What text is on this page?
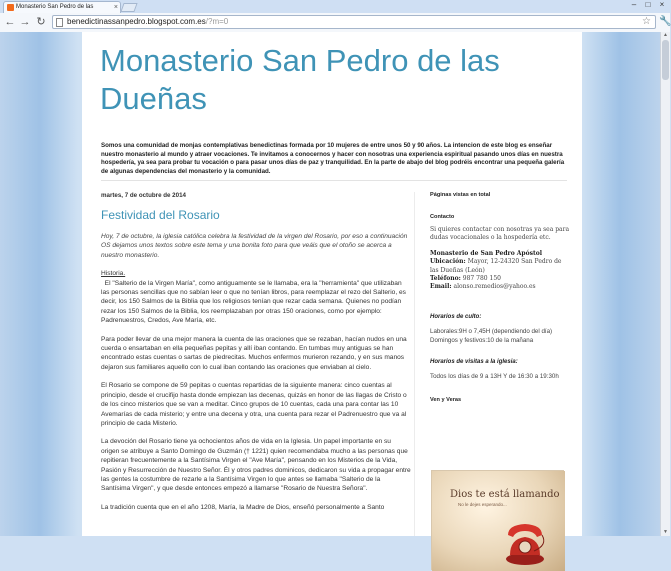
Monasterio San Pedro de las	×	–	□	×
← → ↻	benedictinassanpedro.blogspot.com.es/?m=0	☆ 🔧
Monasterio San Pedro de las Dueñas
Somos una comunidad de monjas contemplativas benedictinas formada por 10 mujeres de entre unos 50 y 90 años. La intencion de este blog es enseñar nuestro monasterio al mundo y atraer vocaciones. Te invitamos a conocernos y hacer con nosotras una experiencia espiritual pasando unos días en nuestra hospedería, ya sea para probar tu vocación o para pasar unos días de paz y tranquilidad. En la parte de abajo del blog podréis encontrar una pequeña galería de algunas dependencias del monasterio y la comunidad.
martes, 7 de octubre de 2014
Festividad del Rosario
Hoy, 7 de octubre, la iglesia católica celebra la festividad de la virgen del Rosario, por eso a continuación OS dejamos unos textos sobre este tema y una bonita foto para que veáis que el otoño se acerca a nuestro monasterio.
Historia.
El "Salterio de la Virgen María", como antiguamente se le llamaba, era la "herramienta" que utilizaban las personas sencillas que no sabían leer o que no tenían libros, para reemplazar el rezo del Salterio, es decir, los 150 Salmos de la Biblia que los religiosos tenían que rezar cada semana. Quienes no podían rezar los 150 Salmos de la Biblia, los reemplazaban por otras 150 oraciones, como por ejemplo: Padrenuestros, Credos, Ave María, etc.
Para poder llevar de una mejor manera la cuenta de las oraciones que se rezaban, hacían nudos en una cuerda o ensartaban en ella pequeñas pepitas y allí iban contando. En tumbas muy antiguas se han encontrado estas cuentas o sartas de piedrecitas. Muchos enfermos murieron rezando, y en sus manos dejaron sus familiares aquello con lo cual iban contando las oraciones que enviaban al cielo.
El Rosario se compone de 59 pepitas o cuentas repartidas de la siguiente manera: cinco cuentas al principio, desde el crucifijo hasta donde empiezan las decenas, quizás en honor de las llagas de Cristo o de los cinco misterios que se van a meditar. Cinco grupos de 10 cuentas, cada una para contar las 10 Avemarías de cada misterio; y entre una decena y otra, una cuenta para rezar el Padrenuestro que va al principio de cada Misterio.
La devoción del Rosario tiene ya ochocientos años de vida en la Iglesia. Un papel importante en su origen se atribuye a Santo Domingo de Guzmán († 1221) quien recomendaba mucho a las personas que repitieran frecuentemente a la Santísima Virgen el "Ave María", pensando en los Misterios de la Vida, Pasión y Resurrección de Nuestro Señor. Él y otros padres dominicos, dedicaron su vida a propagar entre las gentes la costumbre de rezarle a la Santísima Virgen lo que antes se llamaba "Salterio de la Santísima Virgen", y que desde entonces empezó a llamarse "Rosario de Nuestra Señora".
La tradición cuenta que en el año 1208, María, la Madre de Dios, enseñó personalmente a Santo
Páginas vistas en total
Contacto
Si quieres contactar con nosotras ya sea para dudas vocacionales o la hospedería etc.
Monasterio de San Pedro Apóstol
Ubicación: Mayor, 12-24320 San Pedro de las Dueñas (León)
Teléfono: 987 780 150
Email: alonso.remedios@yahoo.es
Horarios de culto:
Laborales:9H o 7,45H (dependiendo del día) Domingos y festivos:10 de la mañana
Horarios de visitas a la iglesia:
Todos los días de 9 a 13H Y de 16:30 a 19:30h
Ven y Veras
Dios te está llamando
No le dejes esperando...
▲
▼
